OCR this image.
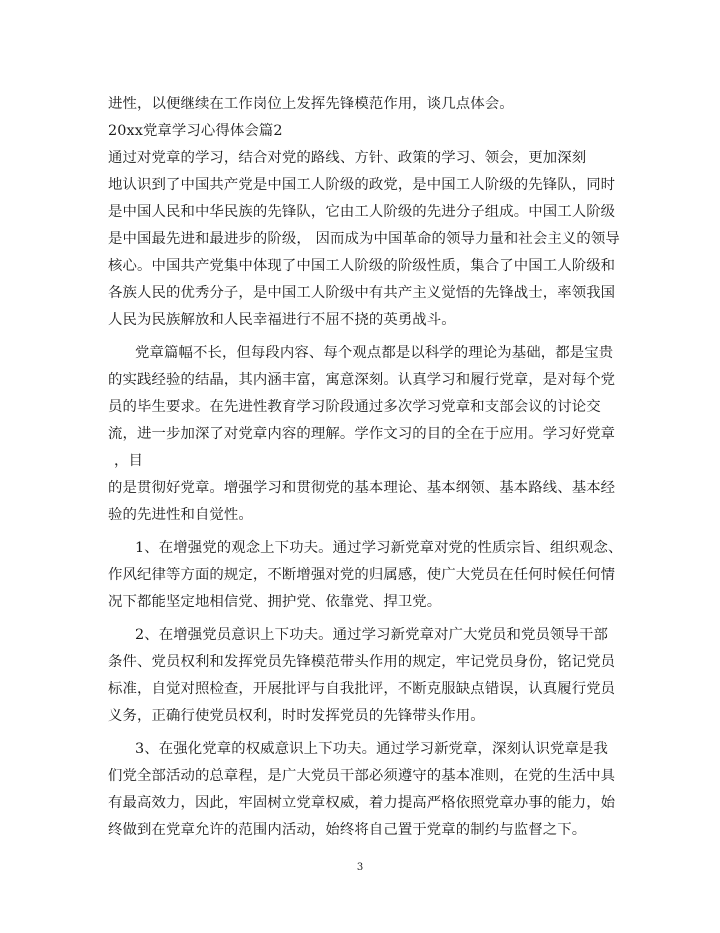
进性，以便继续在工作岗位上发挥先锋模范作用，谈几点体会。
20xx党章学习心得体会篇2
通过对党章的学习，结合对党的路线、方针、政策的学习、领会，更加深刻
地认识到了中国共产党是中国工人阶级的政党，是中国工人阶级的先锋队，同时
是中国人民和中华民族的先锋队，它由工人阶级的先进分子组成。中国工人阶级
是中国最先进和最进步的阶级， 因而成为中国革命的领导力量和社会主义的领导
核心。中国共产党集中体现了中国工人阶级的阶级性质，集合了中国工人阶级和
各族人民的优秀分子，是中国工人阶级中有共产主义觉悟的先锋战士，率领我国
人民为民族解放和人民幸福进行不屈不挠的英勇战斗。
党章篇幅不长，但每段内容、每个观点都是以科学的理论为基础，都是宝贵
的实践经验的结晶，其内涵丰富，寓意深刻。认真学习和履行党章，是对每个党
员的毕生要求。在先进性教育学习阶段通过多次学习党章和支部会议的讨论交
流，进一步加深了对党章内容的理解。学作文习的目的全在于应用。学习好党章
，目
的是贯彻好党章。增强学习和贯彻党的基本理论、基本纲领、基本路线、基本经
验的先进性和自觉性。
1、在增强党的观念上下功夫。通过学习新党章对党的性质宗旨、组织观念、
作风纪律等方面的规定，不断增强对党的归属感，使广大党员在任何时候任何情
况下都能坚定地相信党、拥护党、依靠党、捍卫党。
2、在增强党员意识上下功夫。通过学习新党章对广大党员和党员领导干部
条件、党员权利和发挥党员先锋模范带头作用的规定，牢记党员身份，铭记党员
标准，自觉对照检查，开展批评与自我批评，不断克服缺点错误，认真履行党员
义务，正确行使党员权利，时时发挥党员的先锋带头作用。
3、在强化党章的权威意识上下功夫。通过学习新党章，深刻认识党章是我
们党全部活动的总章程，是广大党员干部必须遵守的基本准则，在党的生活中具
有最高效力，因此，牢固树立党章权威，着力提高严格依照党章办事的能力，始
终做到在党章允许的范围内活动，始终将自己置于党章的制约与监督之下。
3
